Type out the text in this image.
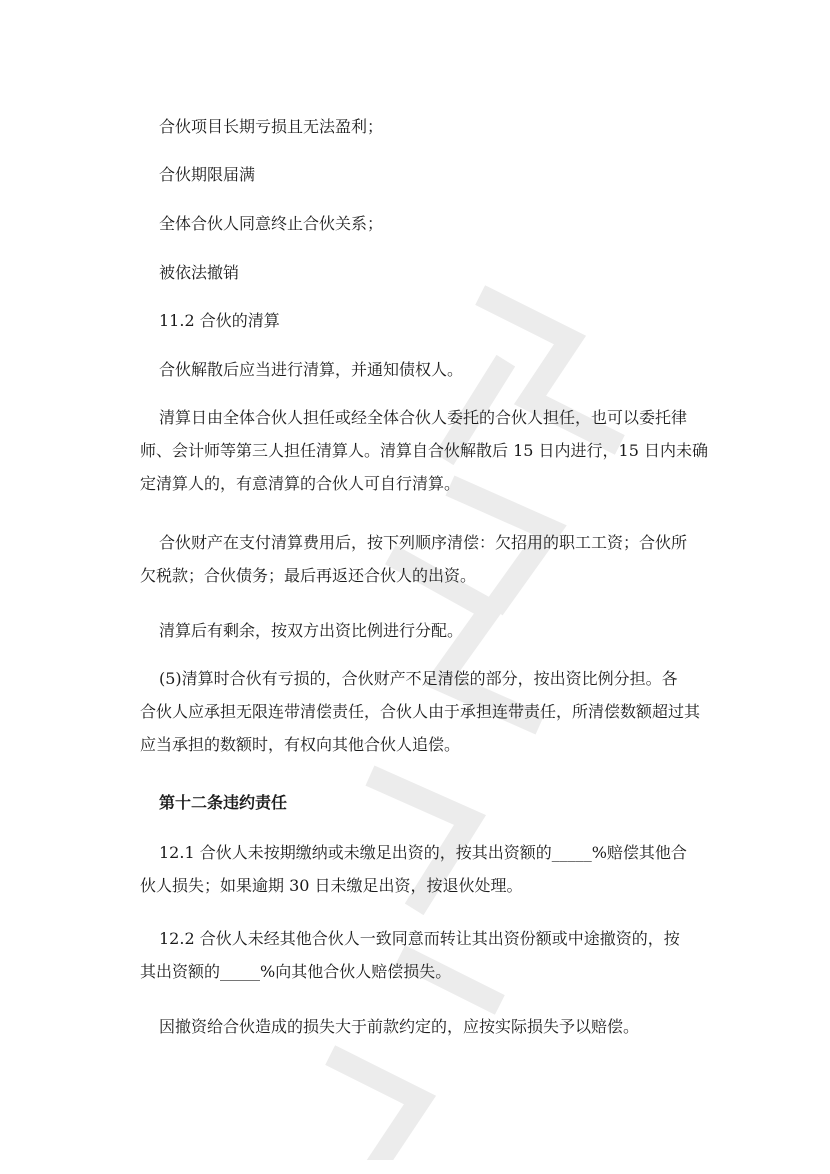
合伙项目长期亏损且无法盈利；
合伙期限届满
全体合伙人同意终止合伙关系；
被依法撤销
11.2 合伙的清算
合伙解散后应当进行清算，并通知债权人。
清算日由全体合伙人担任或经全体合伙人委托的合伙人担任，也可以委托律
师、会计师等第三人担任清算人。清算自合伙解散后 15 日内进行，15 日内未确
定清算人的，有意清算的合伙人可自行清算。
合伙财产在支付清算费用后，按下列顺序清偿：欠招用的职工工资；合伙所
欠税款；合伙债务；最后再返还合伙人的出资。
清算后有剩余，按双方出资比例进行分配。
(5)清算时合伙有亏损的，合伙财产不足清偿的部分，按出资比例分担。各
合伙人应承担无限连带清偿责任，合伙人由于承担连带责任，所清偿数额超过其
应当承担的数额时，有权向其他合伙人追偿。
第十二条违约责任
12.1 合伙人未按期缴纳或未缴足出资的，按其出资额的_____%赔偿其他合
伙人损失；如果逾期 30 日未缴足出资，按退伙处理。
12.2 合伙人未经其他合伙人一致同意而转让其出资份额或中途撤资的，按
其出资额的_____%向其他合伙人赔偿损失。
因撤资给合伙造成的损失大于前款约定的，应按实际损失予以赔偿。
